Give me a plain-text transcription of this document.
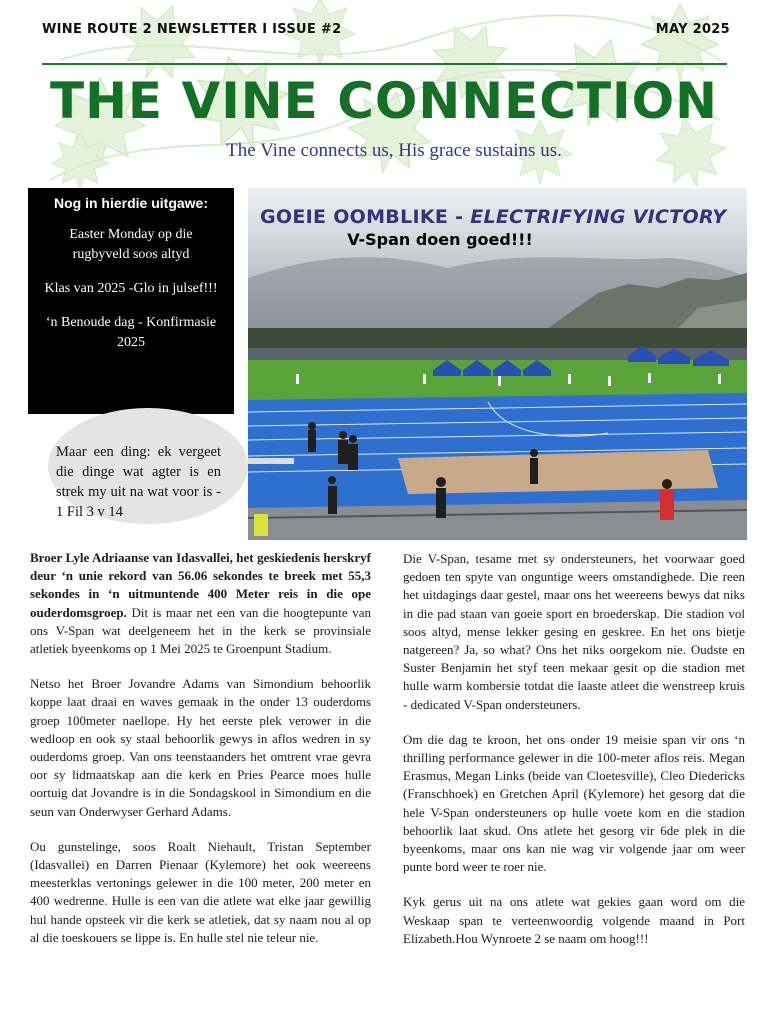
WINE ROUTE 2 NEWSLETTER I ISSUE #2	MAY 2025
THE VINE CONNECTION
The Vine connects us, His grace sustains us.
Nog in hierdie uitgawe:
Easter Monday op die rugbyveld soos altyd
Klas van 2025 -Glo in julsef!!!
‘n Benoude dag - Konfirmasie 2025
GOEIE OOMBLIKE - ELECTRIFYING VICTORY
V-Span doen goed!!!
Maar een ding: ek vergeet die dinge wat agter is en strek my uit na wat voor is - 1 Fil 3 v 14

Broer Lyle Adriaanse van Idasvallei, het geskiedenis herskryf deur ‘n unie rekord van 56.06 sekondes te breek met 55,3 sekondes in ‘n uitmuntende 400 Meter reis in die ope ouderdomsgroep. Dit is maar net een van die hoogtepunte van ons V-Span wat deelgeneem het in the kerk se provinsiale atletiek byeenkoms op 1 Mei 2025 te Groenpunt Stadium.

Netso het Broer Jovandre Adams van Simondium behoorlik koppe laat draai en waves gemaak in the onder 13 ouderdoms groep 100meter naellope. Hy het eerste plek verower in die wedloop en ook sy staal behoorlik gewys in aflos wedren in sy ouderdoms groep. Van ons teenstaanders het omtrent vrae gevra oor sy lidmaatskap aan die kerk en Pries Pearce moes hulle oortuig dat Jovandre is in die Sondagskool in Simondium en die seun van Onderwyser Gerhard Adams.

Ou gunstelinge, soos Roalt Niehault, Tristan September (Idasvallei) en Darren Pienaar (Kylemore) het ook weereens meesterklas vertonings gelewer in die 100 meter, 200 meter en 400 wedrenne. Hulle is een van die atlete wat elke jaar gewillig hul hande opsteek vir die kerk se atletiek, dat sy naam nou al op al die toeskouers se lippe is. En hulle stel nie teleur nie.

Die V-Span, tesame met sy ondersteuners, het voorwaar goed gedoen ten spyte van onguntige weers omstandighede. Die reen het uitdagings daar gestel, maar ons het weereens bewys dat niks in die pad staan van goeie sport en broederskap. Die stadion vol soos altyd, mense lekker gesing en geskree. En het ons bietje natgereen? Ja, so what? Ons het niks oorgekom nie. Oudste en Suster Benjamin het styf teen mekaar gesit op die stadion met hulle warm kombersie totdat die laaste atleet die wenstreep kruis - dedicated V-Span ondersteuners.

Om die dag te kroon, het ons onder 19 meisie span vir ons ‘n thrilling performance gelewer in die 100-meter aflos reis. Megan Erasmus, Megan Links (beide van Cloetesville), Cleo Diedericks (Franschhoek) en Gretchen April (Kylemore) het gesorg dat die hele V-Span ondersteuners op hulle voete kom en die stadion behoorlik laat skud. Ons atlete het gesorg vir 6de plek in die byeenkoms, maar ons kan nie wag vir volgende jaar om weer punte bord weer te roer nie.

Kyk gerus uit na ons atlete wat gekies gaan word om die Weskaap span te verteenwoordig volgende maand in Port Elizabeth.Hou Wynroete 2 se naam om hoog!!!
